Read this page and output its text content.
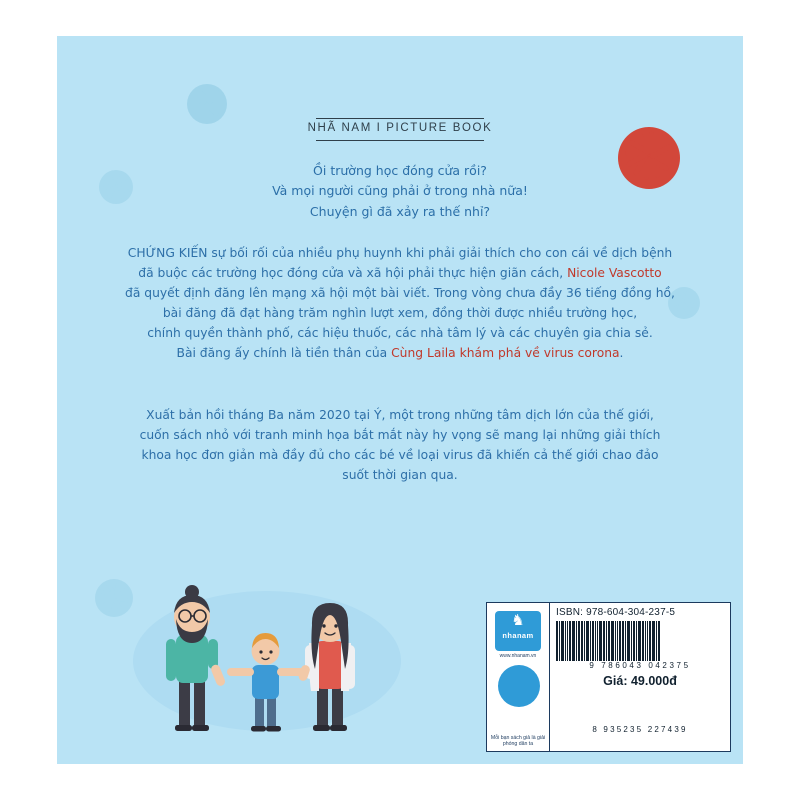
NHÃ NAM I PICTURE BOOK
Ồi trường học đóng cửa rồi?
Và mọi người cũng phải ở trong nhà nữa!
Chuyện gì đã xảy ra thế nhỉ?
CHỨNG KIẾN sự bối rối của nhiều phụ huynh khi phải giải thích cho con cái về dịch bệnh
đã buộc các trường học đóng cửa và xã hội phải thực hiện giãn cách, Nicole Vascotto
đã quyết định đăng lên mạng xã hội một bài viết. Trong vòng chưa đầy 36 tiếng đồng hồ,
bài đăng đã đạt hàng trăm nghìn lượt xem, đồng thời được nhiều trường học,
chính quyền thành phố, các hiệu thuốc, các nhà tâm lý và các chuyên gia chia sẻ.
Bài đăng ấy chính là tiền thân của Cùng Laila khám phá về virus corona.
Xuất bản hồi tháng Ba năm 2020 tại Ý, một trong những tâm dịch lớn của thế giới,
cuốn sách nhỏ với tranh minh họa bắt mắt này hy vọng sẽ mang lại những giải thích
khoa học đơn giản mà đầy đủ cho các bé về loại virus đã khiến cả thế giới chao đảo
suốt thời gian qua.
♞
nhanam
www.nhanam.vn
Mỗi bạn sách giả là giải phóng dân ta
ISBN: 978-604-304-237-5
9 786043 042375
Giá: 49.000đ
8 935235 227439
